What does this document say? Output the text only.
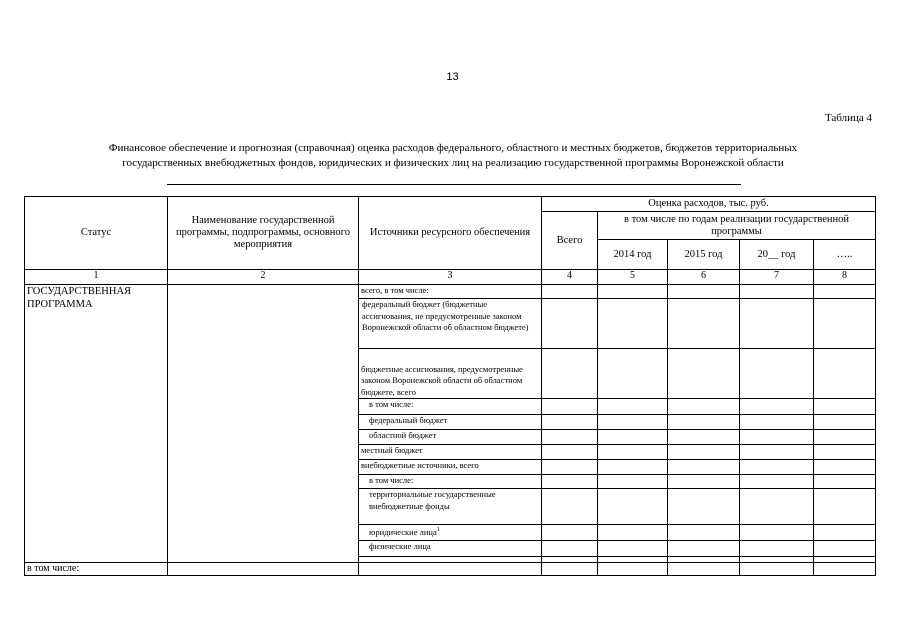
13
Таблица 4
Финансовое обеспечение и прогнозная (справочная) оценка расходов федерального, областного и местных бюджетов, бюджетов территориальных
государственных внебюджетных фондов, юридических и физических лиц на реализацию государственной программы Воронежской области
Статус	Наименование государственной программы, подпрограммы, основного мероприятия	Источники ресурсного обеспечения	Оценка расходов, тыс. руб.				
			Всего	в том числе по годам реализации государственной программы			
				2014 год	2015 год	20__ год	…..
1	2	3	4	5	6	7	8
ГОСУДАРСТВЕННАЯ ПРОГРАММА		всего, в том числе:					
		федеральный бюджет (бюджетные ассигнования, не предусмотренные законом Воронежской области об областном бюджете)					
		бюджетные ассигнования, предусмотренные законом Воронежской области об областном бюджете, всего					
		в том числе:					
		федеральный бюджет					
		областной бюджет					
		местный бюджет					
		внебюджетные источники, всего					
		в том числе:					
		территориальные государственные внебюджетные фонды					
		юридические лица$^1$					
		физические лица					

в том числе:							
